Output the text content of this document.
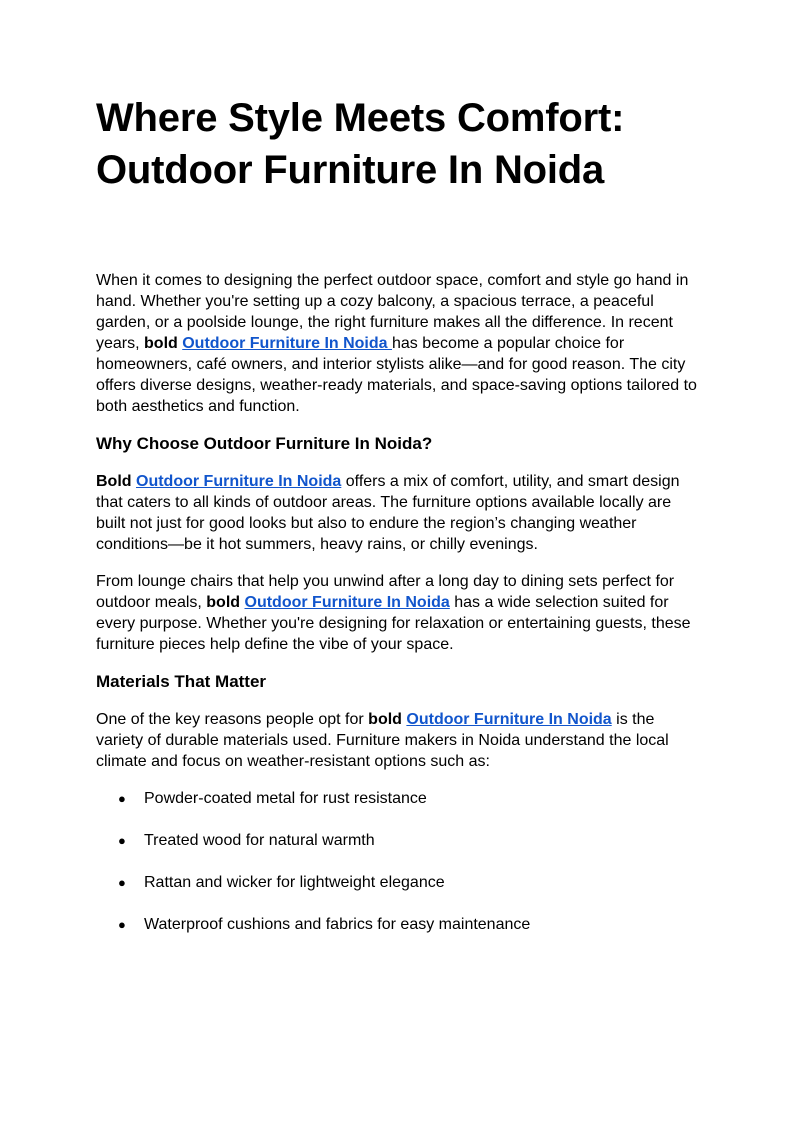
Where Style Meets Comfort: Outdoor Furniture In Noida

When it comes to designing the perfect outdoor space, comfort and style go hand in hand. Whether you're setting up a cozy balcony, a spacious terrace, a peaceful garden, or a poolside lounge, the right furniture makes all the difference. In recent years, bold Outdoor Furniture In Noida has become a popular choice for homeowners, café owners, and interior stylists alike—and for good reason. The city offers diverse designs, weather-ready materials, and space-saving options tailored to both aesthetics and function.

Why Choose Outdoor Furniture In Noida?

Bold Outdoor Furniture In Noida offers a mix of comfort, utility, and smart design that caters to all kinds of outdoor areas. The furniture options available locally are built not just for good looks but also to endure the region’s changing weather conditions—be it hot summers, heavy rains, or chilly evenings.

From lounge chairs that help you unwind after a long day to dining sets perfect for outdoor meals, bold Outdoor Furniture In Noida has a wide selection suited for every purpose. Whether you're designing for relaxation or entertaining guests, these furniture pieces help define the vibe of your space.

Materials That Matter

One of the key reasons people opt for bold Outdoor Furniture In Noida is the variety of durable materials used. Furniture makers in Noida understand the local climate and focus on weather-resistant options such as:

● Powder-coated metal for rust resistance
● Treated wood for natural warmth
● Rattan and wicker for lightweight elegance
● Waterproof cushions and fabrics for easy maintenance
